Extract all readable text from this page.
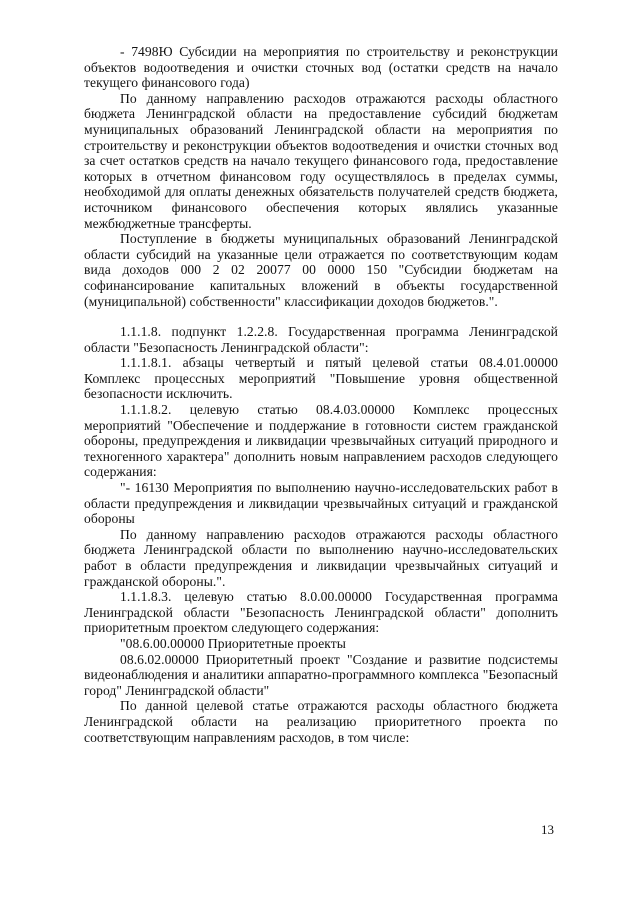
- 7498Ю Субсидии на мероприятия по строительству и реконструкции объектов водоотведения и очистки сточных вод (остатки средств на начало текущего финансового года)

По данному направлению расходов отражаются расходы областного бюджета Ленинградской области на предоставление субсидий бюджетам муниципальных образований Ленинградской области на мероприятия по строительству и реконструкции объектов водоотведения и очистки сточных вод за счет остатков средств на начало текущего финансового года, предоставление которых в отчетном финансовом году осуществлялось в пределах суммы, необходимой для оплаты денежных обязательств получателей средств бюджета, источником финансового обеспечения которых являлись указанные межбюджетные трансферты.

Поступление в бюджеты муниципальных образований Ленинградской области субсидий на указанные цели отражается по соответствующим кодам вида доходов 000 2 02 20077 00 0000 150 "Субсидии бюджетам на софинансирование капитальных вложений в объекты государственной (муниципальной) собственности" классификации доходов бюджетов.".

1.1.1.8. подпункт 1.2.2.8. Государственная программа Ленинградской области "Безопасность Ленинградской области":

1.1.1.8.1. абзацы четвертый и пятый целевой статьи 08.4.01.00000 Комплекс процессных мероприятий "Повышение уровня общественной безопасности исключить.

1.1.1.8.2. целевую статью 08.4.03.00000 Комплекс процессных мероприятий "Обеспечение и поддержание в готовности систем гражданской обороны, предупреждения и ликвидации чрезвычайных ситуаций природного и техногенного характера" дополнить новым направлением расходов следующего содержания:

"- 16130 Мероприятия по выполнению научно-исследовательских работ в области предупреждения и ликвидации чрезвычайных ситуаций и гражданской обороны

По данному направлению расходов отражаются расходы областного бюджета Ленинградской области по выполнению научно-исследовательских работ в области предупреждения и ликвидации чрезвычайных ситуаций и гражданской обороны.".

1.1.1.8.3. целевую статью 8.0.00.00000 Государственная программа Ленинградской области "Безопасность Ленинградской области" дополнить приоритетным проектом следующего содержания:

"08.6.00.00000 Приоритетные проекты

08.6.02.00000 Приоритетный проект "Создание и развитие подсистемы видеонаблюдения и аналитики аппаратно-программного комплекса "Безопасный город" Ленинградской области"

По данной целевой статье отражаются расходы областного бюджета Ленинградской области на реализацию приоритетного проекта по соответствующим направлениям расходов, в том числе:

13
